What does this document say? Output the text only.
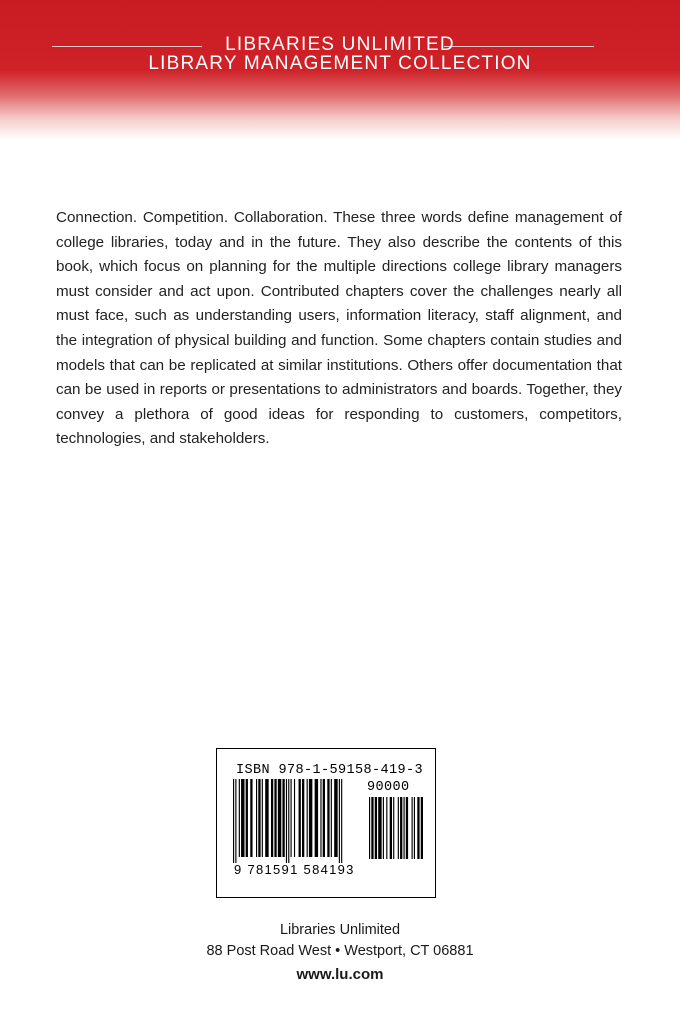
LIBRARIES UNLIMITED
LIBRARY MANAGEMENT COLLECTION

Connection. Competition. Collaboration. These three words define management of college libraries, today and in the future. They also describe the contents of this book, which focus on planning for the multiple directions college library managers must consider and act upon. Contributed chapters cover the challenges nearly all must face, such as understanding users, information literacy, staff alignment, and the integration of physical building and function. Some chapters contain studies and models that can be replicated at similar institutions. Others offer documentation that can be used in reports or presentations to administrators and boards. Together, they convey a plethora of good ideas for responding to customers, competitors, technologies, and stakeholders.

ISBN 978-1-59158-419-3
90000
9 781591 584193
Libraries Unlimited
88 Post Road West • Westport, CT 06881
www.lu.com
